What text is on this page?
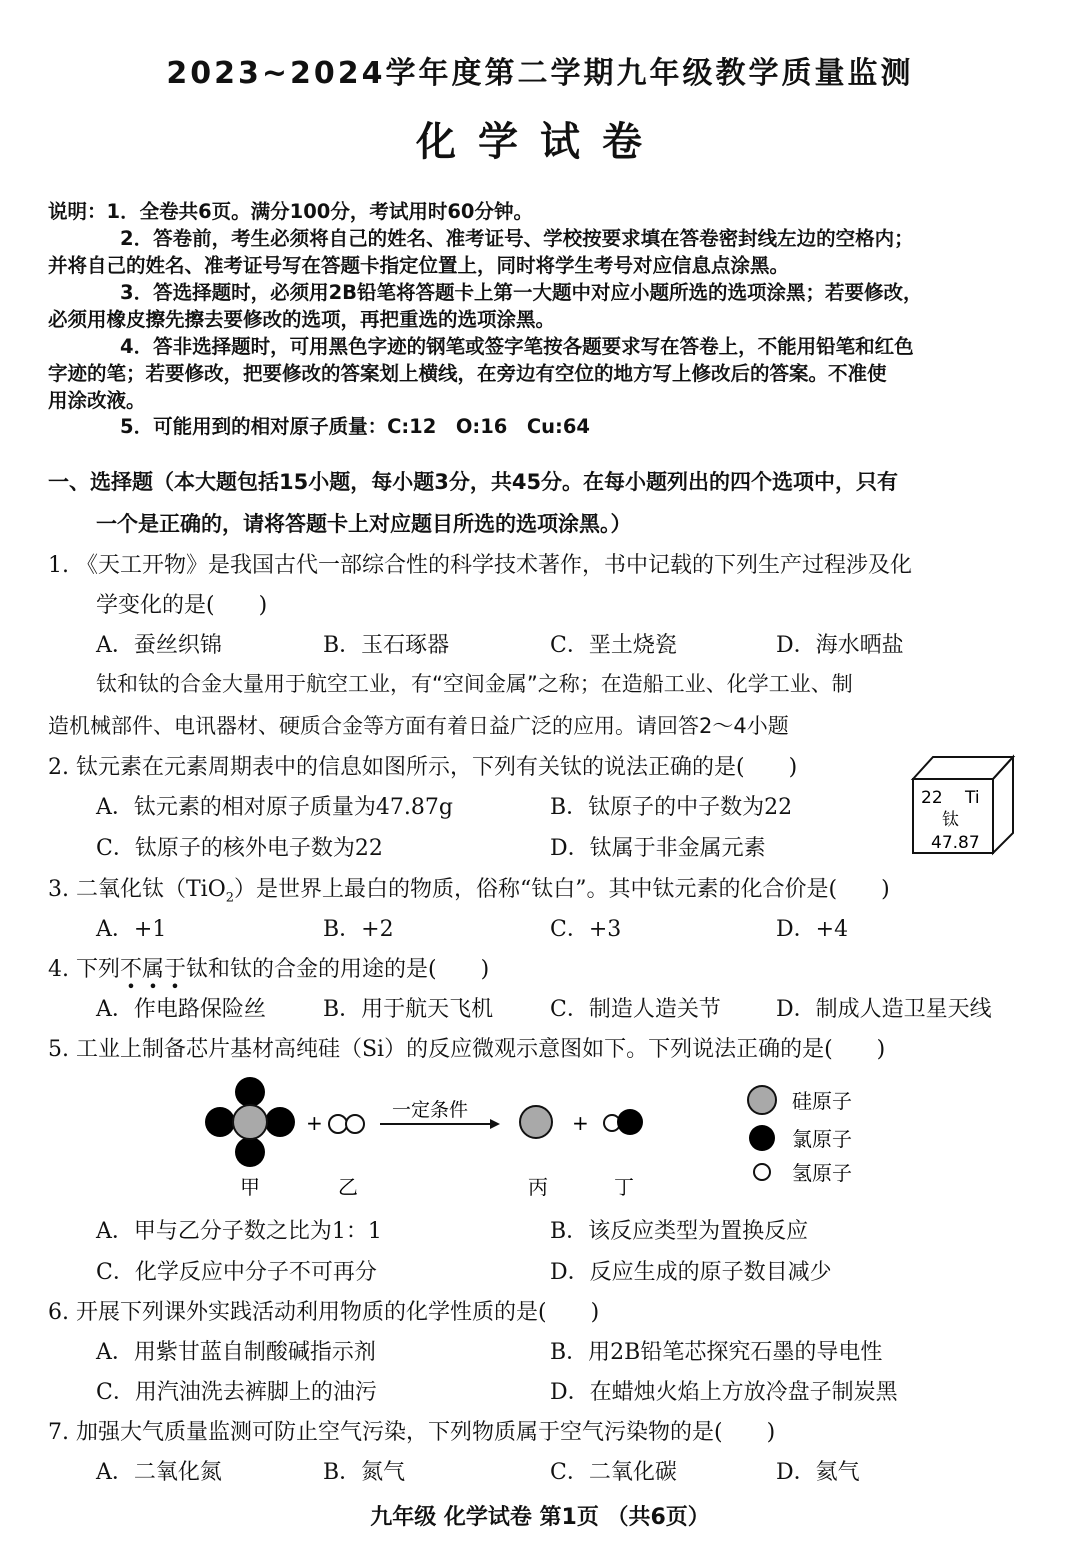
2023~2024学年度第二学期九年级教学质量监测
化学试卷
说明：1．全卷共6页。满分100分，考试用时60分钟。
2．答卷前，考生必须将自己的姓名、准考证号、学校按要求填在答卷密封线左边的空格内；
并将自己的姓名、准考证号写在答题卡指定位置上，同时将学生考号对应信息点涂黑。
3．答选择题时，必须用2B铅笔将答题卡上第一大题中对应小题所选的选项涂黑；若要修改，
必须用橡皮擦先擦去要修改的选项，再把重选的选项涂黑。
4．答非选择题时，可用黑色字迹的钢笔或签字笔按各题要求写在答卷上，不能用铅笔和红色
字迹的笔；若要修改，把要修改的答案划上横线，在旁边有空位的地方写上修改后的答案。不准使
用涂改液。
5．可能用到的相对原子质量：C:12　O:16　Cu:64
一、选择题（本大题包括15小题，每小题3分，共45分。在每小题列出的四个选项中，只有
一个是正确的，请将答题卡上对应题目所选的选项涂黑。）
1. 《天工开物》是我国古代一部综合性的科学技术著作，书中记载的下列生产过程涉及化
学变化的是(　　)
A．蚕丝织锦	B．玉石琢器	C．垩土烧瓷	D．海水晒盐
钛和钛的合金大量用于航空工业，有“空间金属”之称；在造船工业、化学工业、制
造机械部件、电讯器材、硬质合金等方面有着日益广泛的应用。请回答2～4小题
2. 钛元素在元素周期表中的信息如图所示，下列有关钛的说法正确的是(　　)
A．钛元素的相对原子质量为47.87g	B．钛原子的中子数为22
C．钛原子的核外电子数为22	D．钛属于非金属元素
22 Ti
钛
47.87
3. 二氧化钛（TiO$_2$）是世界上最白的物质，俗称“钛白”。其中钛元素的化合价是(　　)
A．+1	B．+2	C．+3	D．+4
4. 下列不属于钛和钛的合金的用途的是(　　)
A．作电路保险丝	B．用于航天飞机	C．制造人造关节	D．制成人造卫星天线
5. 工业上制备芯片基材高纯硅（Si）的反应微观示意图如下。下列说法正确的是(　　)
+
一定条件
+
甲	乙	丙	丁
硅原子
氯原子
氢原子
A．甲与乙分子数之比为1：1	B．该反应类型为置换反应
C．化学反应中分子不可再分	D．反应生成的原子数目减少
6. 开展下列课外实践活动利用物质的化学性质的是(　　)
A．用紫甘蓝自制酸碱指示剂	B．用2B铅笔芯探究石墨的导电性
C．用汽油洗去裤脚上的油污	D．在蜡烛火焰上方放冷盘子制炭黑
7. 加强大气质量监测可防止空气污染，下列物质属于空气污染物的是(　　)
A．二氧化氮	B．氮气	C．二氧化碳	D．氦气
九年级 化学试卷 第1页 （共6页）
